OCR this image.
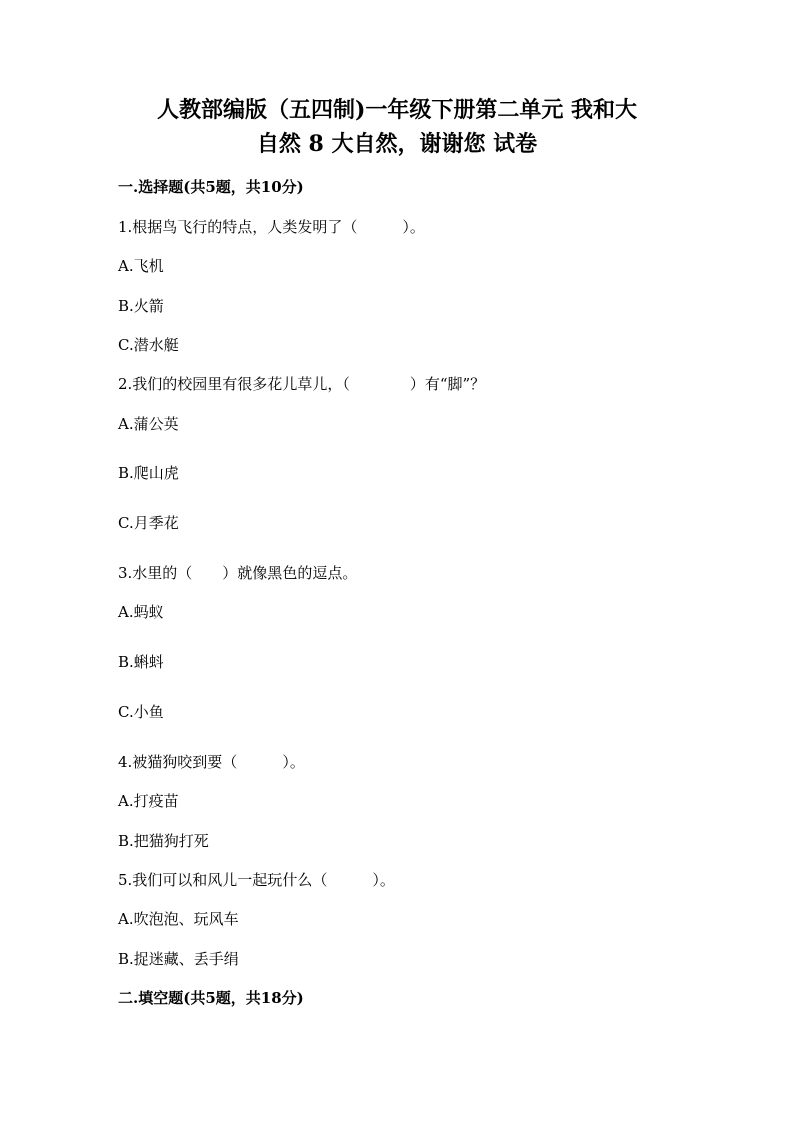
人教部编版（五四制)一年级下册第二单元 我和大
自然 8 大自然，谢谢您 试卷
一.选择题(共5题，共10分)
1.根据鸟飞行的特点，人类发明了（　　　）。
A.飞机
B.火箭
C.潜水艇
2.我们的校园里有很多花儿草儿，（　　　　）有“脚”？
A.蒲公英
B.爬山虎
C.月季花
3.水里的（　　）就像黑色的逗点。
A.蚂蚁
B.蝌蚪
C.小鱼
4.被猫狗咬到要（　　　）。
A.打疫苗
B.把猫狗打死
5.我们可以和风儿一起玩什么（　　　）。
A.吹泡泡、玩风车
B.捉迷藏、丢手绢
二.填空题(共5题，共18分)
